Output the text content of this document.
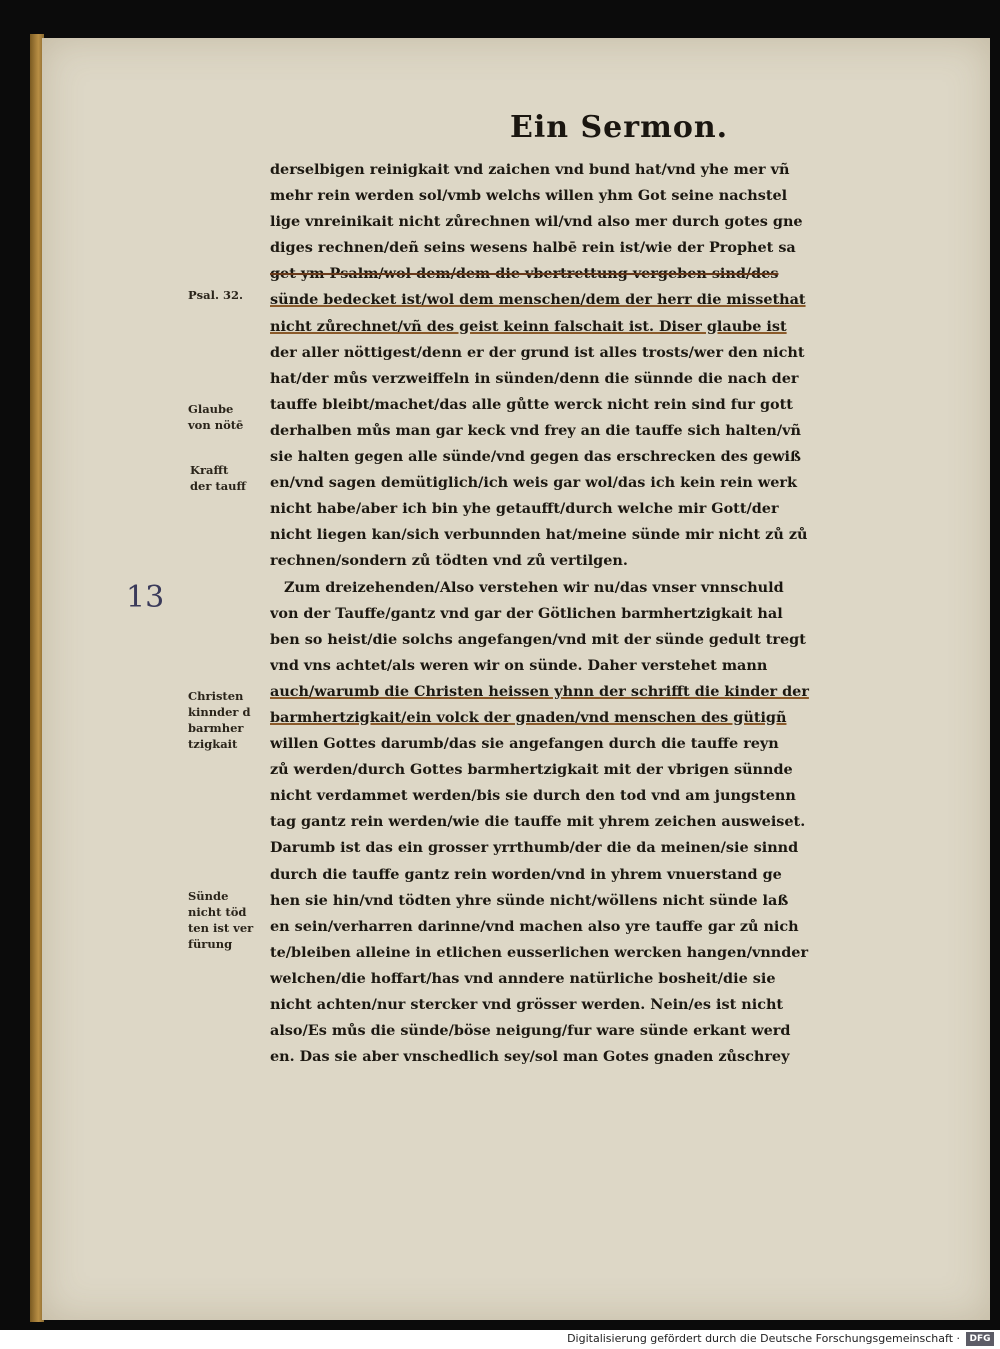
Ein Sermon.
derselbigen reinigkait vnd zaichen vnd bund hat/vnd yhe mer vñ
mehr rein werden sol/vmb welchs willen yhm Got seine nachstel
lige vnreinikait nicht zůrechnen wil/vnd also mer durch gotes gne
diges rechnen/deñ seins wesens halbē rein ist/wie der Prophet sa
get ym Psalm/wol dem/dem die vbertrettung vergeben sind/des
sünde bedecket ist/wol dem menschen/dem der herr die missethat
nicht zůrechnet/vñ des geist keinn falschait ist. Diser glaube ist
der aller nöttigest/denn er der grund ist alles trosts/wer den nicht
hat/der můs verzweiffeln in sünden/denn die sünnde die nach der
tauffe bleibt/machet/das alle gůtte werck nicht rein sind fur gott
derhalben můs man gar keck vnd frey an die tauffe sich halten/vñ
sie halten gegen alle sünde/vnd gegen das erschrecken des gewiß
en/vnd sagen demütiglich/ich weis gar wol/das ich kein rein werk
nicht habe/aber ich bin yhe getaufft/durch welche mir Gott/der
nicht liegen kan/sich verbunnden hat/meine sünde mir nicht zů zů
rechnen/sondern zů tödten vnd zů vertilgen.
Zum dreizehenden/Also verstehen wir nu/das vnser vnnschuld
von der Tauffe/gantz vnd gar der Götlichen barmhertzigkait hal
ben so heist/die solchs angefangen/vnd mit der sünde gedult tregt
vnd vns achtet/als weren wir on sünde. Daher verstehet mann
auch/warumb die Christen heissen yhnn der schrifft die kinder der
barmhertzigkait/ein volck der gnaden/vnd menschen des gütigñ
willen Gottes darumb/das sie angefangen durch die tauffe reyn
zů werden/durch Gottes barmhertzigkait mit der vbrigen sünnde
nicht verdammet werden/bis sie durch den tod vnd am jungstenn
tag gantz rein werden/wie die tauffe mit yhrem zeichen ausweiset.
Darumb ist das ein grosser yrrthumb/der die da meinen/sie sinnd
durch die tauffe gantz rein worden/vnd in yhrem vnuerstand ge
hen sie hin/vnd tödten yhre sünde nicht/wöllens nicht sünde laß
en sein/verharren darinne/vnd machen also yre tauffe gar zů nich
te/bleiben alleine in etlichen eusserlichen wercken hangen/vnnder
welchen/die hoffart/has vnd anndere natürliche bosheit/die sie
nicht achten/nur stercker vnd grösser werden. Nein/es ist nicht
also/Es můs die sünde/böse neigung/fur ware sünde erkant werd
en. Das sie aber vnschedlich sey/sol man Gotes gnaden zůschrey
Psal. 32.
Glaube
von nötē
Krafft
der tauff
Christen
kinnder d
barmher
tzigkait
Sünde
nicht töd
ten ist ver
fürung
13
Digitalisierung gefördert durch die Deutsche Forschungsgemeinschaft ·	DFG
